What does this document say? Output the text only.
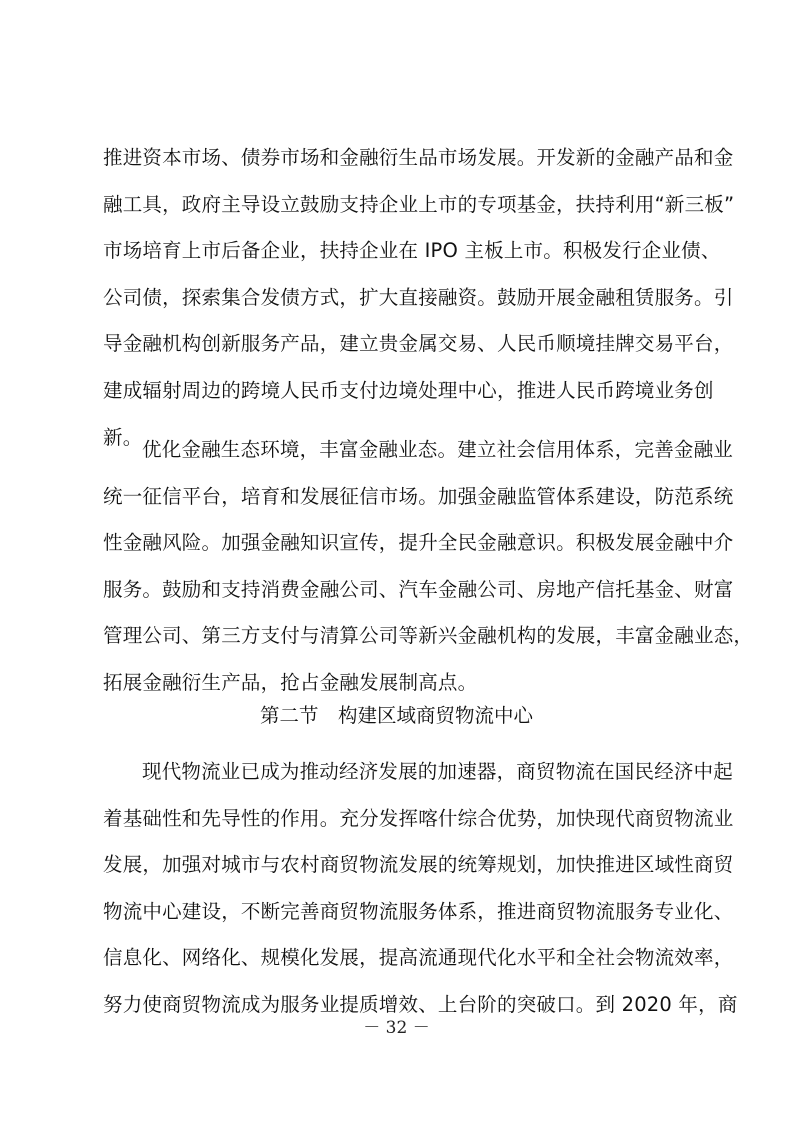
推进资本市场、债券市场和金融衍生品市场发展。开发新的金融产品和金
融工具，政府主导设立鼓励支持企业上市的专项基金，扶持利用“新三板”
市场培育上市后备企业，扶持企业在 IPO 主板上市。积极发行企业债、
公司债，探索集合发债方式，扩大直接融资。鼓励开展金融租赁服务。引
导金融机构创新服务产品，建立贵金属交易、人民币顺境挂牌交易平台，
建成辐射周边的跨境人民币支付边境处理中心，推进人民币跨境业务创
新。
优化金融生态环境，丰富金融业态。建立社会信用体系，完善金融业
统一征信平台，培育和发展征信市场。加强金融监管体系建设，防范系统
性金融风险。加强金融知识宣传，提升全民金融意识。积极发展金融中介
服务。鼓励和支持消费金融公司、汽车金融公司、房地产信托基金、财富
管理公司、第三方支付与清算公司等新兴金融机构的发展，丰富金融业态，
拓展金融衍生产品，抢占金融发展制高点。
第二节　构建区域商贸物流中心
现代物流业已成为推动经济发展的加速器，商贸物流在国民经济中起
着基础性和先导性的作用。充分发挥喀什综合优势，加快现代商贸物流业
发展，加强对城市与农村商贸物流发展的统筹规划，加快推进区域性商贸
物流中心建设，不断完善商贸物流服务体系，推进商贸物流服务专业化、
信息化、网络化、规模化发展，提高流通现代化水平和全社会物流效率，
努力使商贸物流成为服务业提质增效、上台阶的突破口。到 2020 年，商
－ 32 －
